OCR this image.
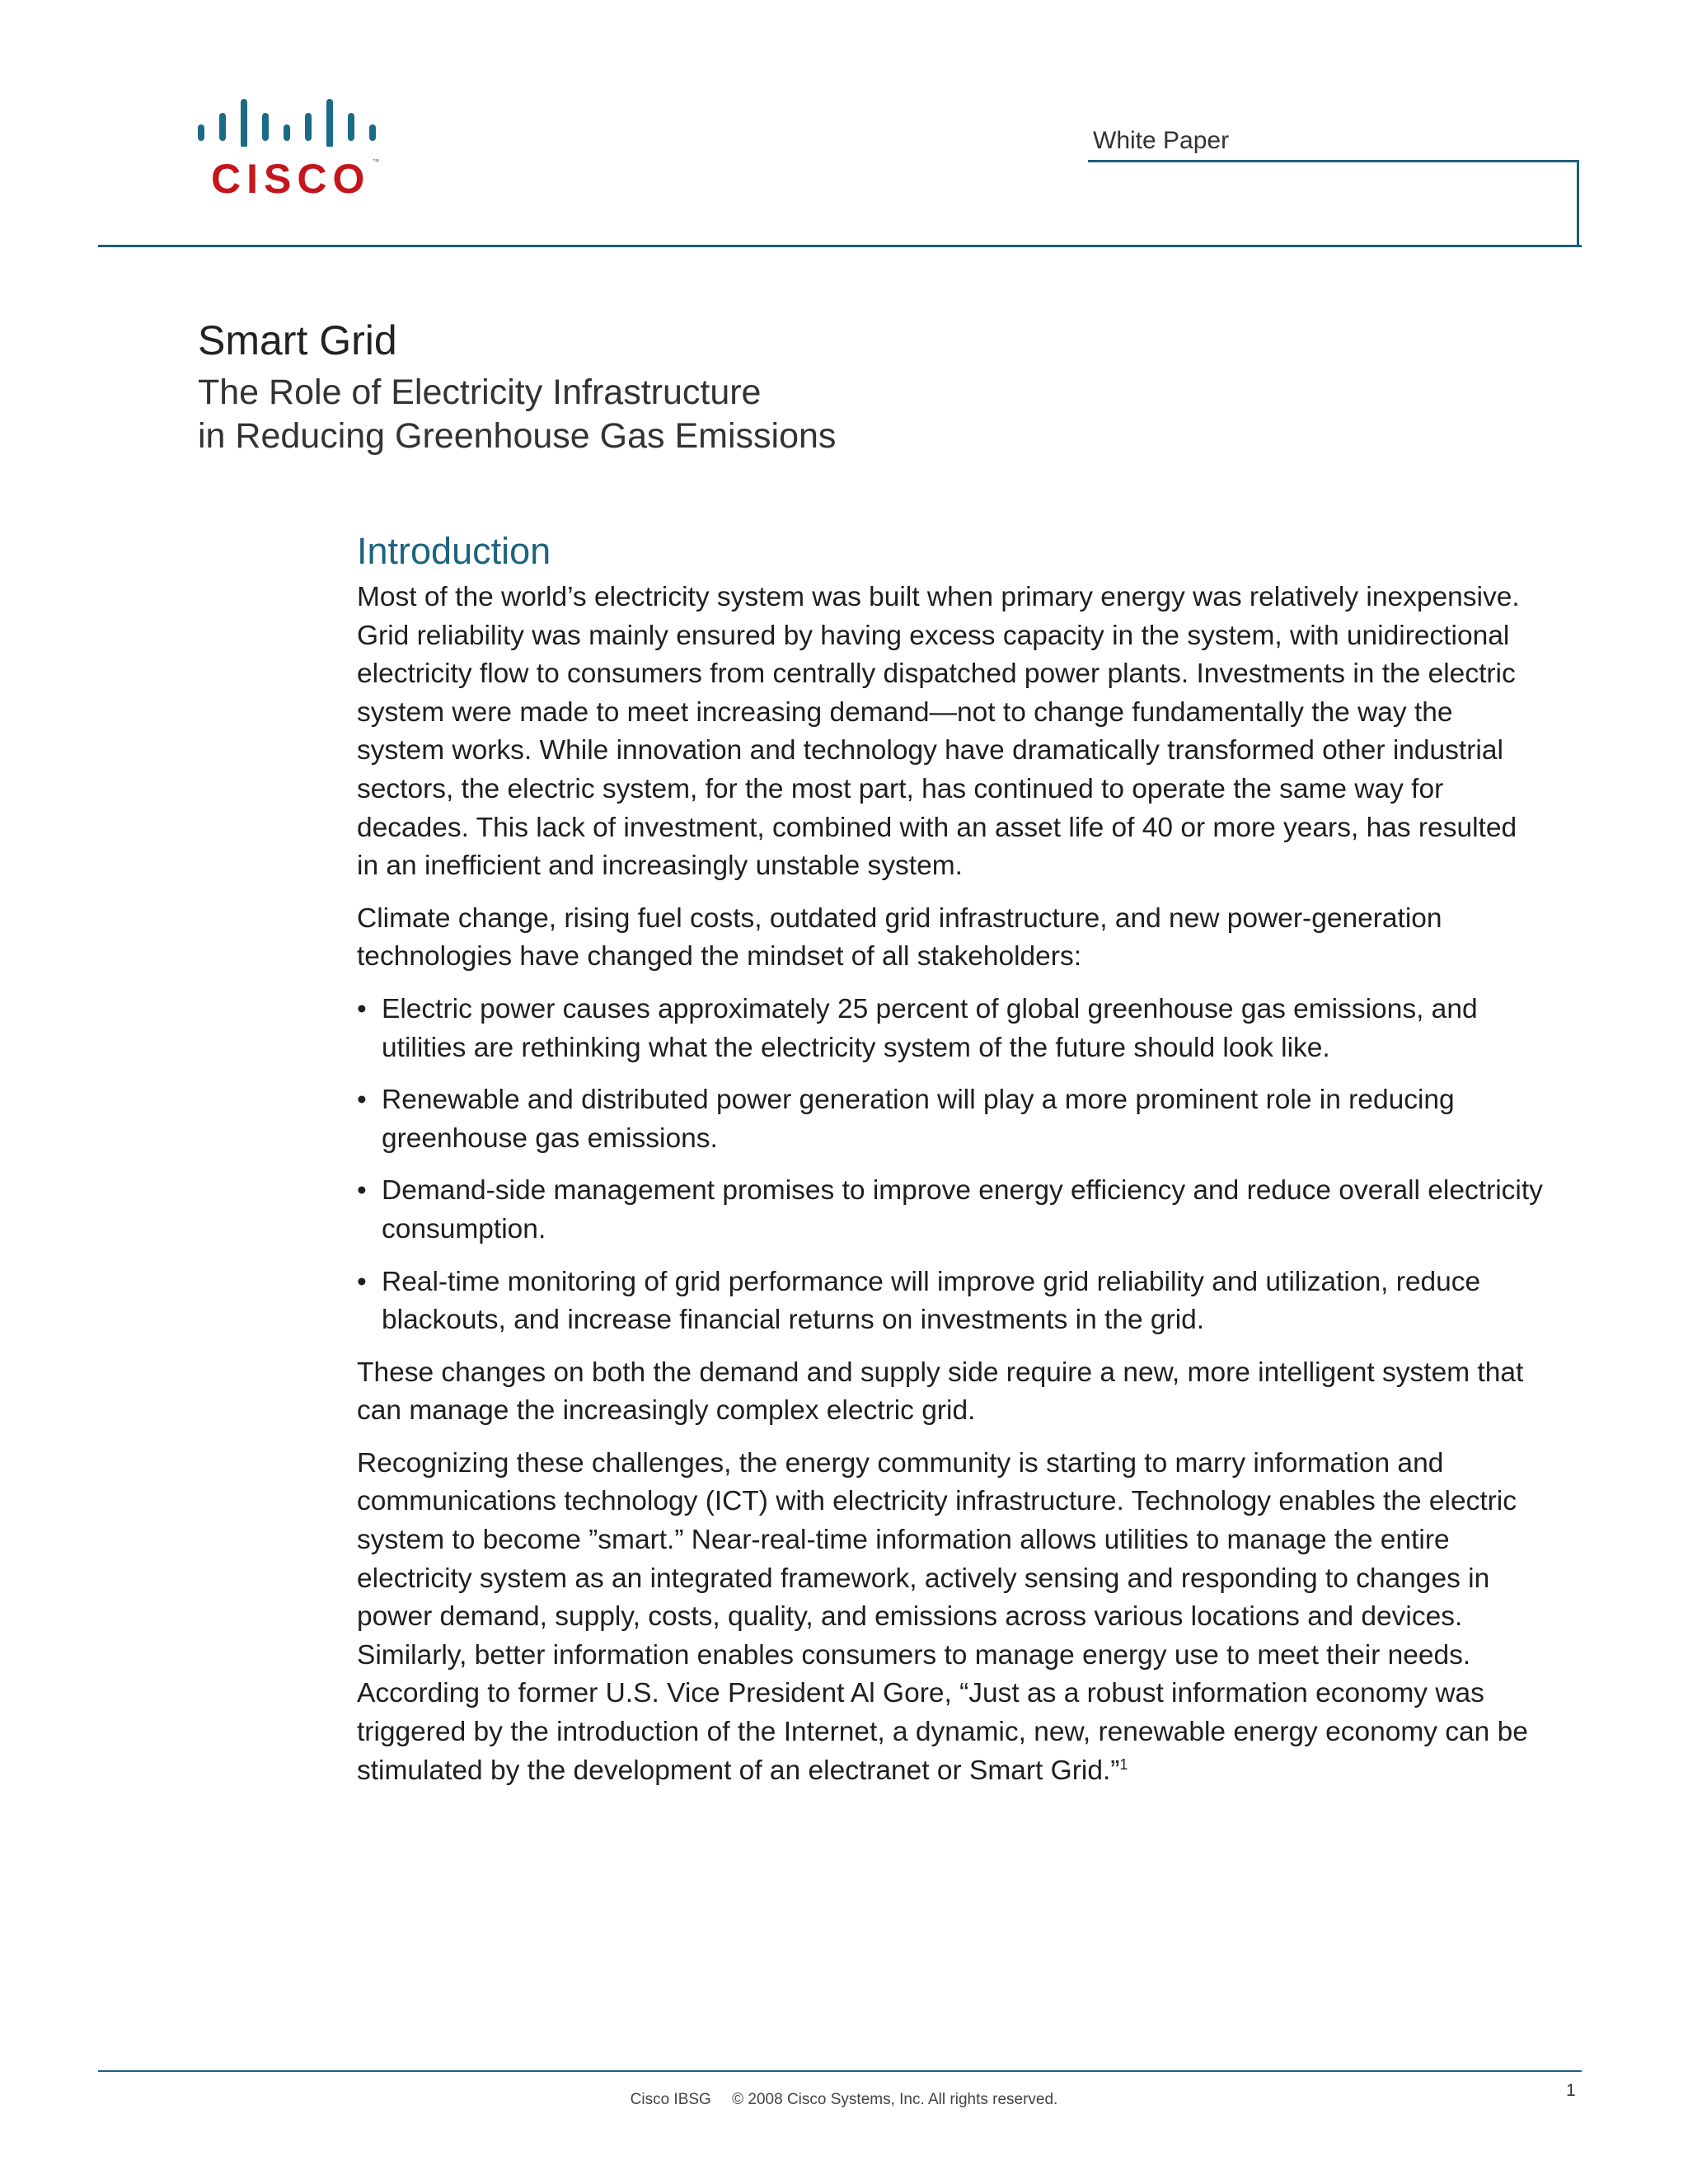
CISCO ™
White Paper
Smart Grid
The Role of Electricity Infrastructure
in Reducing Greenhouse Gas Emissions
Introduction

Most of the world’s electricity system was built when primary energy was relatively inexpensive. Grid reliability was mainly ensured by having excess capacity in the system, with unidirectional electricity flow to consumers from centrally dispatched power plants. Investments in the electric system were made to meet increasing demand—not to change fundamentally the way the system works. While innovation and technology have dramatically transformed other industrial sectors, the electric system, for the most part, has continued to operate the same way for decades. This lack of investment, combined with an asset life of 40 or more years, has resulted in an inefficient and increasingly unstable system.

Climate change, rising fuel costs, outdated grid infrastructure, and new power-generation technologies have changed the mindset of all stakeholders:

• Electric power causes approximately 25 percent of global greenhouse gas emissions, and utilities are rethinking what the electricity system of the future should look like.
• Renewable and distributed power generation will play a more prominent role in reducing greenhouse gas emissions.
• Demand-side management promises to improve energy efficiency and reduce overall electricity consumption.
• Real-time monitoring of grid performance will improve grid reliability and utilization, reduce blackouts, and increase financial returns on investments in the grid.

These changes on both the demand and supply side require a new, more intelligent system that can manage the increasingly complex electric grid.

Recognizing these challenges, the energy community is starting to marry information and communications technology (ICT) with electricity infrastructure. Technology enables the electric system to become ”smart.” Near-real-time information allows utilities to manage the entire electricity system as an integrated framework, actively sensing and responding to changes in power demand, supply, costs, quality, and emissions across various locations and devices. Similarly, better information enables consumers to manage energy use to meet their needs. According to former U.S. Vice President Al Gore, “Just as a robust information economy was triggered by the introduction of the Internet, a dynamic, new, renewable energy economy can be stimulated by the development of an electranet or Smart Grid.”$^1$

Cisco IBSG © 2008 Cisco Systems, Inc. All rights reserved.	1
